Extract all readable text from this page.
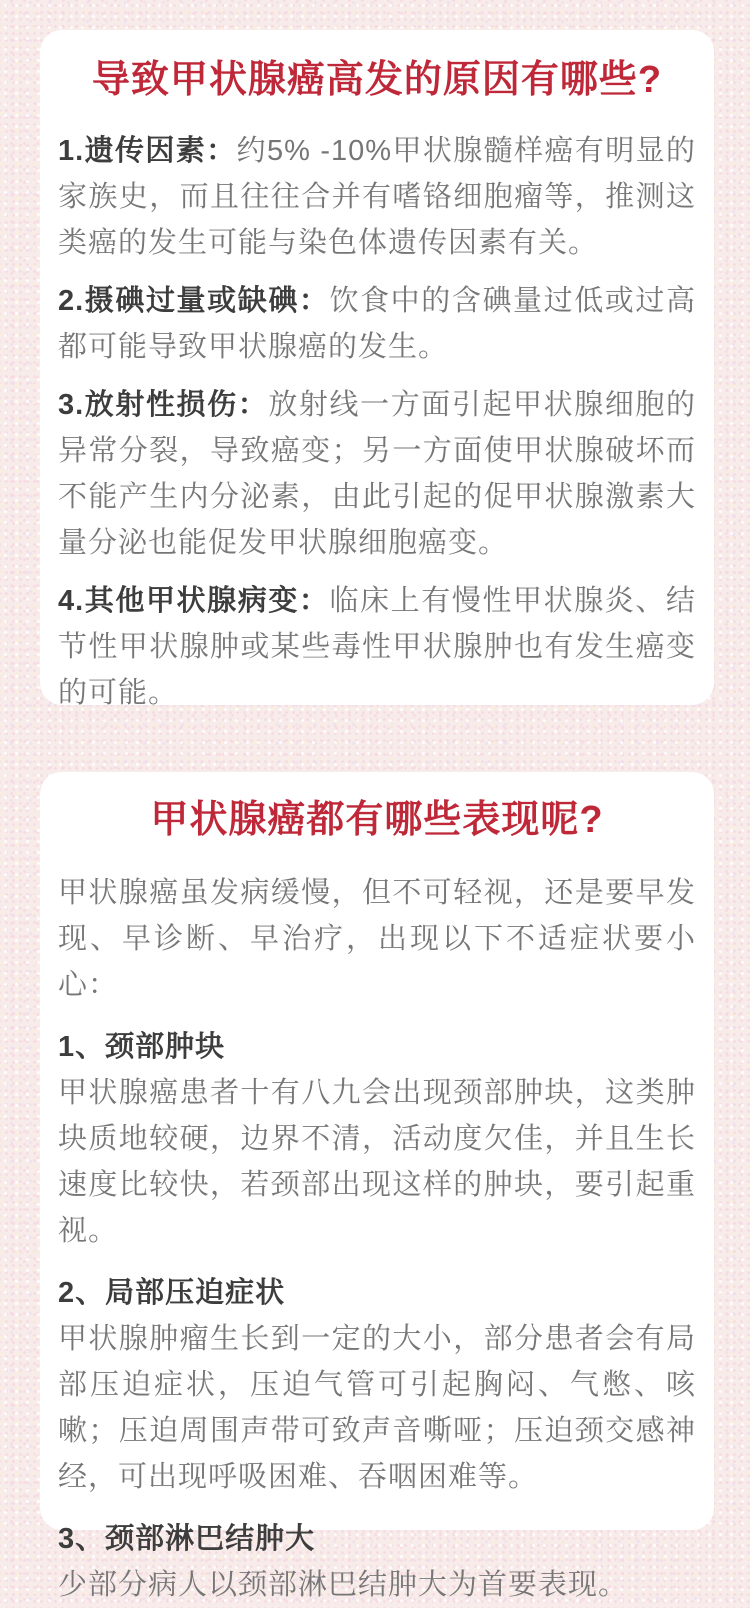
导致甲状腺癌高发的原因有哪些?

1.遗传因素：约5% -10%甲状腺髓样癌有明显的家族史，而且往往合并有嗜铬细胞瘤等，推测这类癌的发生可能与染色体遗传因素有关。

2.摄碘过量或缺碘：饮食中的含碘量过低或过高都可能导致甲状腺癌的发生。

3.放射性损伤：放射线一方面引起甲状腺细胞的异常分裂，导致癌变；另一方面使甲状腺破坏而不能产生内分泌素，由此引起的促甲状腺激素大量分泌也能促发甲状腺细胞癌变。

4.其他甲状腺病变：临床上有慢性甲状腺炎、结节性甲状腺肿或某些毒性甲状腺肿也有发生癌变的可能。

甲状腺癌都有哪些表现呢?

甲状腺癌虽发病缓慢，但不可轻视，还是要早发现、早诊断、早治疗，出现以下不适症状要小心：

1、颈部肿块

甲状腺癌患者十有八九会出现颈部肿块，这类肿块质地较硬，边界不清，活动度欠佳，并且生长速度比较快，若颈部出现这样的肿块，要引起重视。

2、局部压迫症状

甲状腺肿瘤生长到一定的大小，部分患者会有局部压迫症状，压迫气管可引起胸闷、气憋、咳嗽；压迫周围声带可致声音嘶哑；压迫颈交感神经，可出现呼吸困难、吞咽困难等。

3、颈部淋巴结肿大

少部分病人以颈部淋巴结肿大为首要表现。
